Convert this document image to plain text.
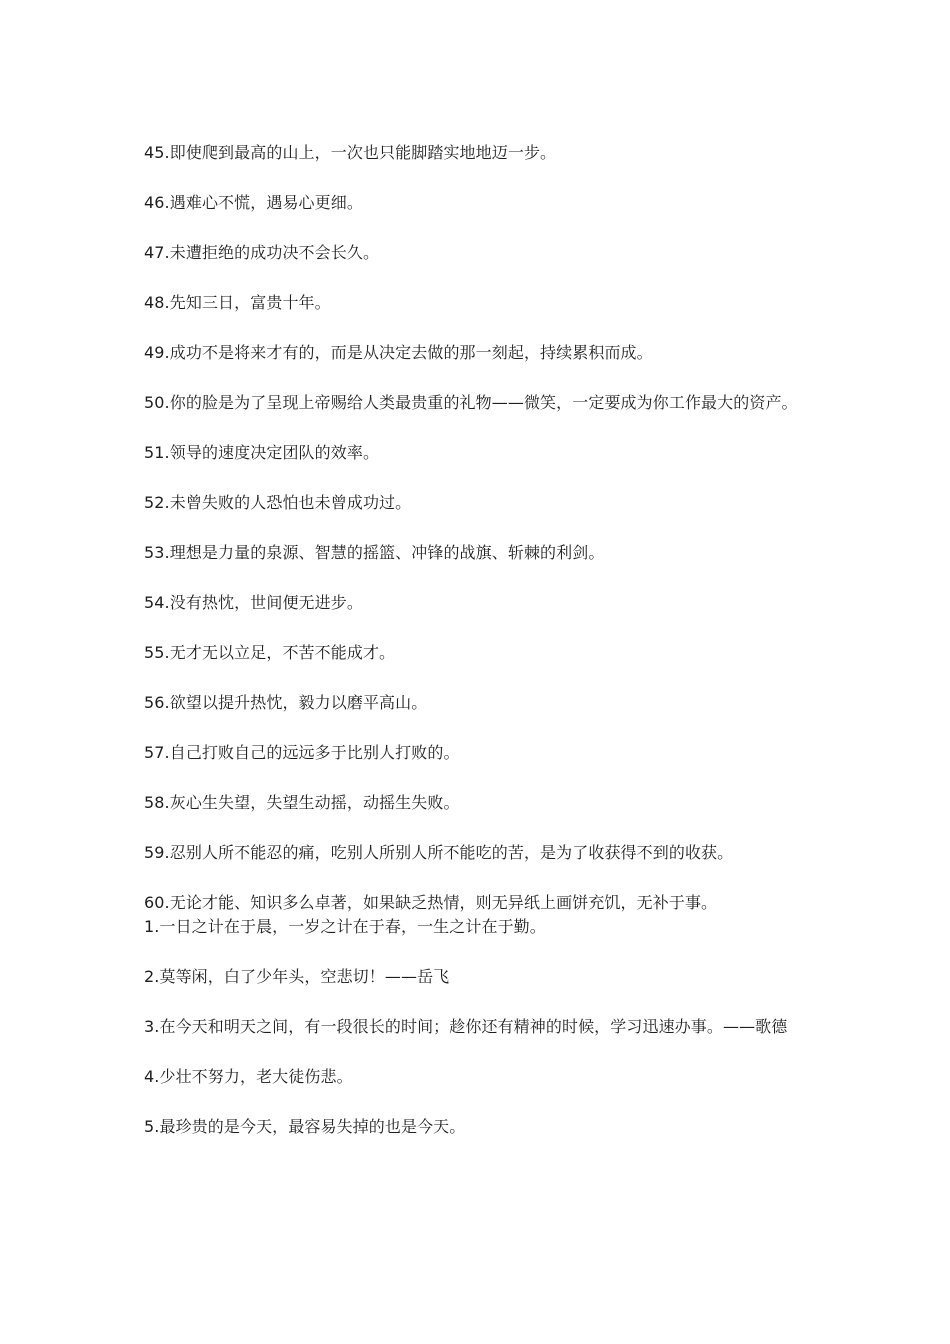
45.即使爬到最高的山上，一次也只能脚踏实地地迈一步。

46.遇难心不慌，遇易心更细。

47.未遭拒绝的成功决不会长久。

48.先知三日，富贵十年。

49.成功不是将来才有的，而是从决定去做的那一刻起，持续累积而成。

50.你的脸是为了呈现上帝赐给人类最贵重的礼物——微笑，一定要成为你工作最大的资产。

51.领导的速度决定团队的效率。

52.未曾失败的人恐怕也未曾成功过。

53.理想是力量的泉源、智慧的摇篮、冲锋的战旗、斩棘的利剑。

54.没有热忱，世间便无进步。

55.无才无以立足，不苦不能成才。

56.欲望以提升热忱，毅力以磨平高山。

57.自己打败自己的远远多于比别人打败的。

58.灰心生失望，失望生动摇，动摇生失败。

59.忍别人所不能忍的痛，吃别人所别人所不能吃的苦，是为了收获得不到的收获。

60.无论才能、知识多么卓著，如果缺乏热情，则无异纸上画饼充饥，无补于事。

1.一日之计在于晨，一岁之计在于春，一生之计在于勤。

2.莫等闲，白了少年头，空悲切！——岳飞

3.在今天和明天之间，有一段很长的时间；趁你还有精神的时候，学习迅速办事。——歌德

4.少壮不努力，老大徒伤悲。

5.最珍贵的是今天，最容易失掉的也是今天。
